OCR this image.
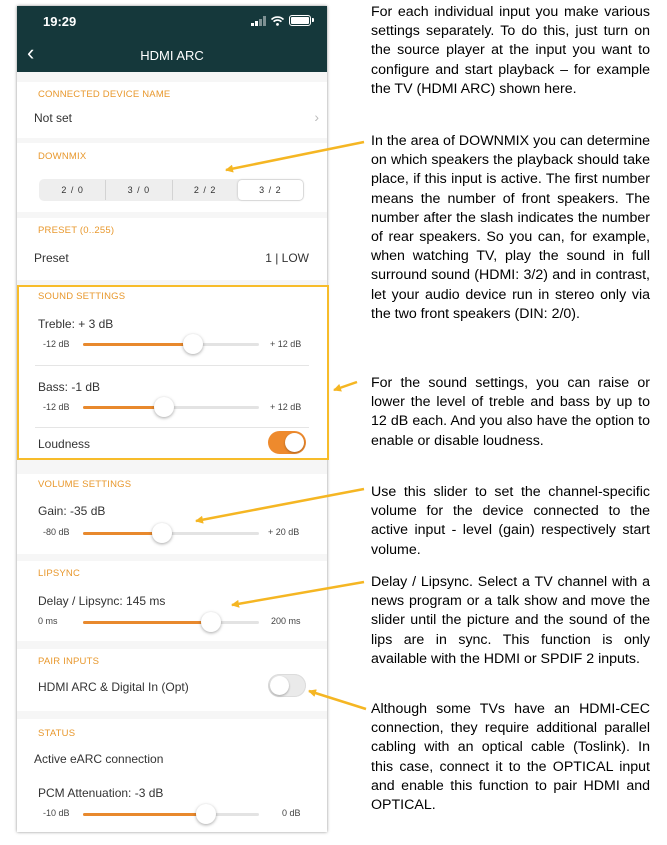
19:29
‹	HDMI ARC
CONNECTED DEVICE NAME
Not set	›
DOWNMIX
2 / 0	3 / 0	2 / 2	3 / 2
PRESET (0..255)
Preset	1 | LOW
SOUND SETTINGS
Treble: + 3 dB
-12 dB	+ 12 dB
Bass: -1 dB
-12 dB	+ 12 dB
Loudness
VOLUME SETTINGS
Gain: -35 dB
-80 dB	+ 20 dB
LIPSYNC
Delay / Lipsync: 145 ms
0 ms	200 ms
PAIR INPUTS
HDMI ARC & Digital In (Opt)
STATUS
Active eARC connection
PCM Attenuation: -3 dB
-10 dB	0 dB

For each individual input you make various settings separately. To do this, just turn on the source player at the input you want to configure and start playback – for example the TV (HDMI ARC) shown here.

In the area of DOWNMIX you can determine on which speakers the playback should take place, if this input is active. The first number means the number of front speakers. The number after the slash indicates the number of rear speakers. So you can, for example, when watching TV, play the sound in full surround sound (HDMI: 3/2) and in contrast, let your audio device run in stereo only via the two front speakers (DIN: 2/0).

For the sound settings, you can raise or lower the level of treble and bass by up to 12 dB each. And you also have the option to enable or disable loudness.

Use this slider to set the channel-specific volume for the device connected to the active input - level (gain) respectively start volume.

Delay / Lipsync. Select a TV channel with a news program or a talk show and move the slider until the picture and the sound of the lips are in sync. This function is only available with the HDMI or SPDIF 2 inputs.

Although some TVs have an HDMI-CEC connection, they require additional parallel cabling with an optical cable (Toslink). In this case, connect it to the OPTICAL input and enable this function to pair HDMI and OPTICAL.
